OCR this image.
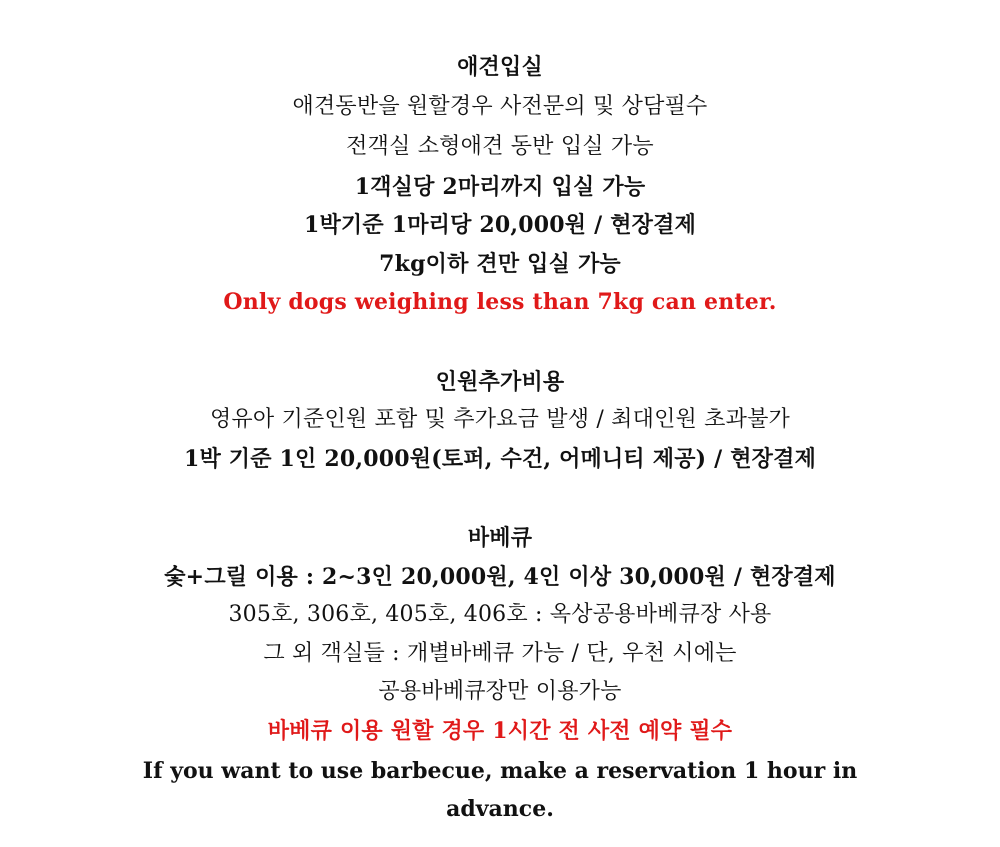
애견입실
애견동반을 원할경우 사전문의 및 상담필수
전객실 소형애견 동반 입실 가능
1객실당 2마리까지 입실 가능
1박기준 1마리당 20,000원 / 현장결제
7kg이하 견만 입실 가능
Only dogs weighing less than 7kg can enter.
인원추가비용
영유아 기준인원 포함 및 추가요금 발생 / 최대인원 초과불가
1박 기준 1인 20,000원(토퍼, 수건, 어메니티 제공) / 현장결제
바베큐
숯+그릴 이용 : 2~3인 20,000원, 4인 이상 30,000원 / 현장결제
305호, 306호, 405호, 406호 : 옥상공용바베큐장 사용
그 외 객실들 : 개별바베큐 가능 / 단, 우천 시에는
공용바베큐장만 이용가능
바베큐 이용 원할 경우 1시간 전 사전 예약 필수
If you want to use barbecue, make a reservation 1 hour in advance.
